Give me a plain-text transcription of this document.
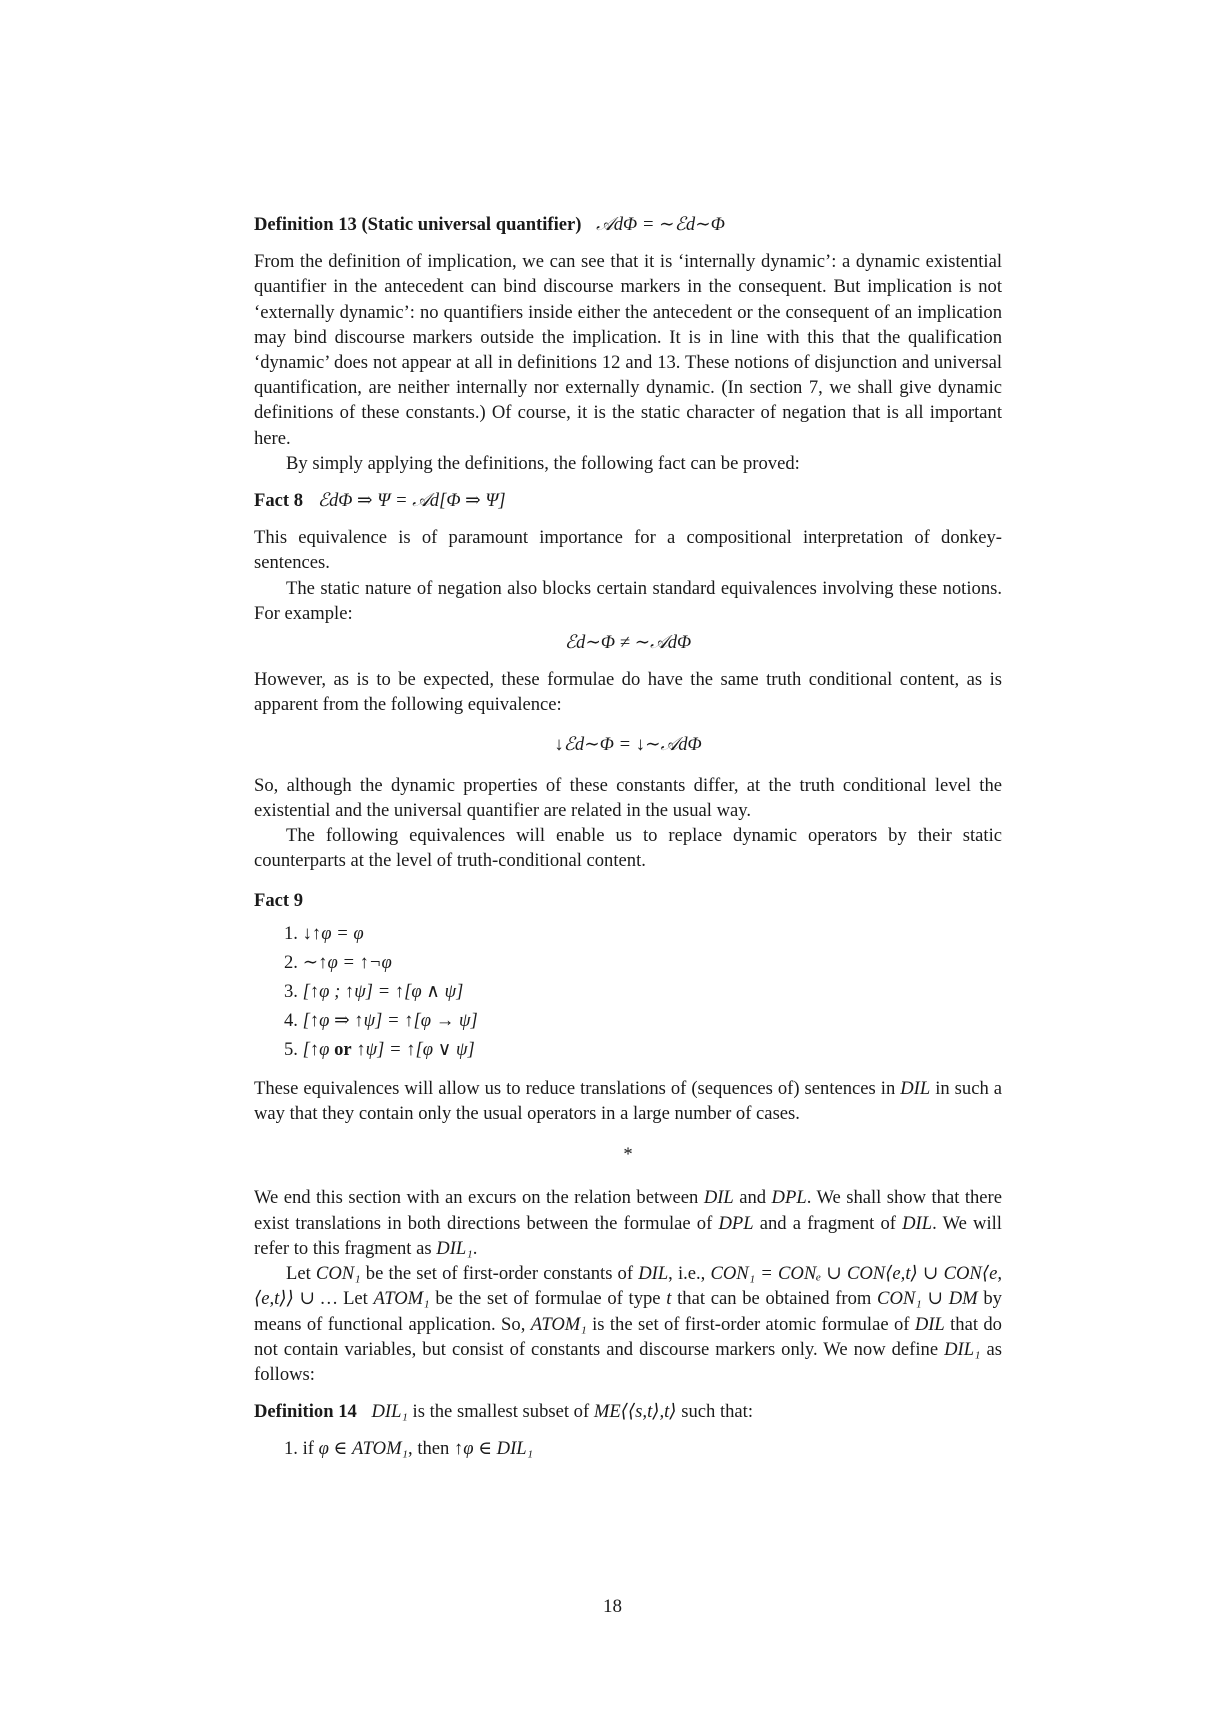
Definition 13 (Static universal quantifier) 𝒜dΦ = ∼ℰd∼Φ

From the definition of implication, we can see that it is ‘internally dynamic’: a dynamic existential quantifier in the antecedent can bind discourse markers in the consequent. But implication is not ‘externally dynamic’: no quantifiers inside either the antecedent or the consequent of an implication may bind discourse markers outside the implication. It is in line with this that the qualification ‘dynamic’ does not appear at all in definitions 12 and 13. These notions of disjunction and universal quantification, are neither internally nor externally dynamic. (In section 7, we shall give dynamic definitions of these constants.) Of course, it is the static character of negation that is all important here.

By simply applying the definitions, the following fact can be proved:

Fact 8 ℰdΦ ⇒ Ψ = 𝒜d[Φ ⇒ Ψ]

This equivalence is of paramount importance for a compositional interpretation of donkey-sentences.

The static nature of negation also blocks certain standard equivalences involving these notions. For example:

ℰd∼Φ ≠ ∼𝒜dΦ

However, as is to be expected, these formulae do have the same truth conditional content, as is apparent from the following equivalence:

↓ℰd∼Φ = ↓∼𝒜dΦ

So, although the dynamic properties of these constants differ, at the truth conditional level the existential and the universal quantifier are related in the usual way.

The following equivalences will enable us to replace dynamic operators by their static counterparts at the level of truth-conditional content.

Fact 9

1. ↓↑φ = φ
2. ∼↑φ = ↑¬φ
3. [↑φ ; ↑ψ] = ↑[φ ∧ ψ]
4. [↑φ ⇒ ↑ψ] = ↑[φ → ψ]
5. [↑φ or ↑ψ] = ↑[φ ∨ ψ]

These equivalences will allow us to reduce translations of (sequences of) sentences in DIL in such a way that they contain only the usual operators in a large number of cases.

*

We end this section with an excurs on the relation between DIL and DPL. We shall show that there exist translations in both directions between the formulae of DPL and a fragment of DIL. We will refer to this fragment as DIL₁.

Let CON₁ be the set of first-order constants of DIL, i.e., CON₁ = CONₑ ∪ CON⟨e,t⟩ ∪ CON⟨e,⟨e,t⟩⟩ ∪ … Let ATOM₁ be the set of formulae of type t that can be obtained from CON₁ ∪ DM by means of functional application. So, ATOM₁ is the set of first-order atomic formulae of DIL that do not contain variables, but consist of constants and discourse markers only. We now define DIL₁ as follows:

Definition 14 DIL₁ is the smallest subset of ME⟨⟨s,t⟩,t⟩ such that:

1. if φ ∈ ATOM₁, then ↑φ ∈ DIL₁

18
